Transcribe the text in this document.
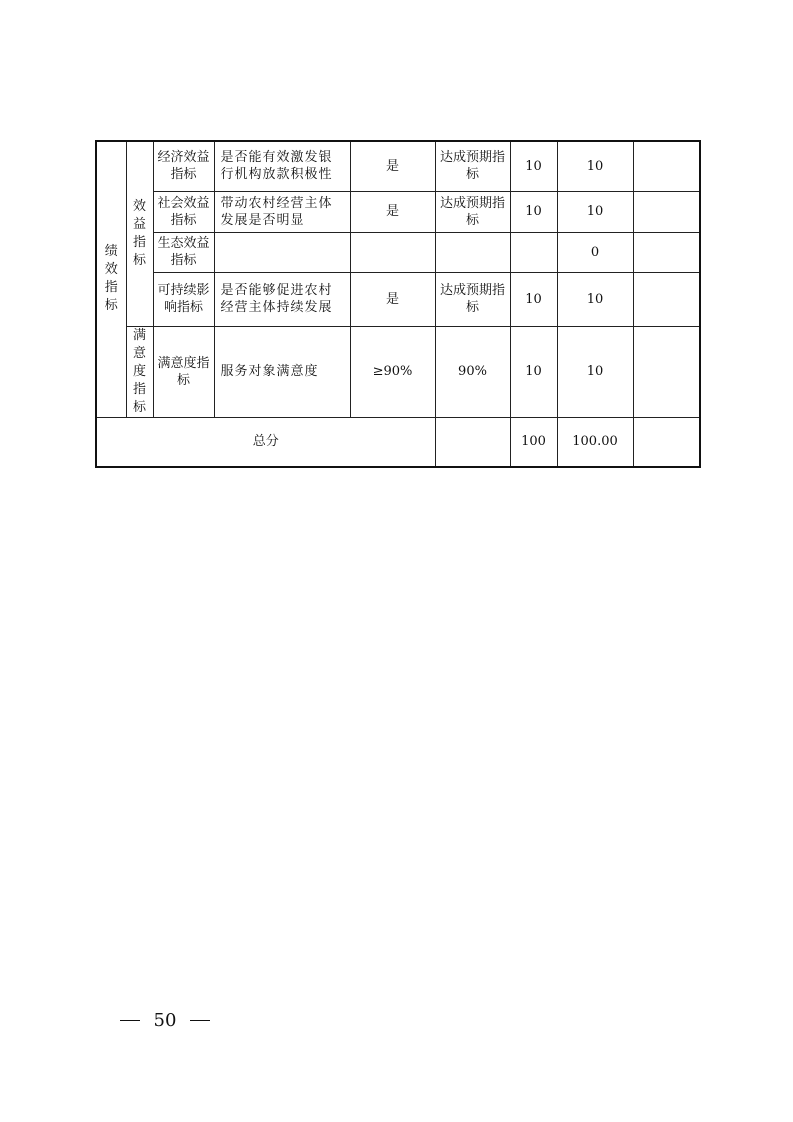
绩效指标	效益指标	经济效益指标	是否能有效激发银行机构放款积极性	是	达成预期指标	10	10	
		社会效益指标	带动农村经营主体发展是否明显	是	达成预期指标	10	10	
		生态效益指标					0	
		可持续影响指标	是否能够促进农村经营主体持续发展	是	达成预期指标	10	10	

	满意度指标	满意度指标	服务对象满意度	≥90%	90%	10	10	
总分						100	100.00	
50
